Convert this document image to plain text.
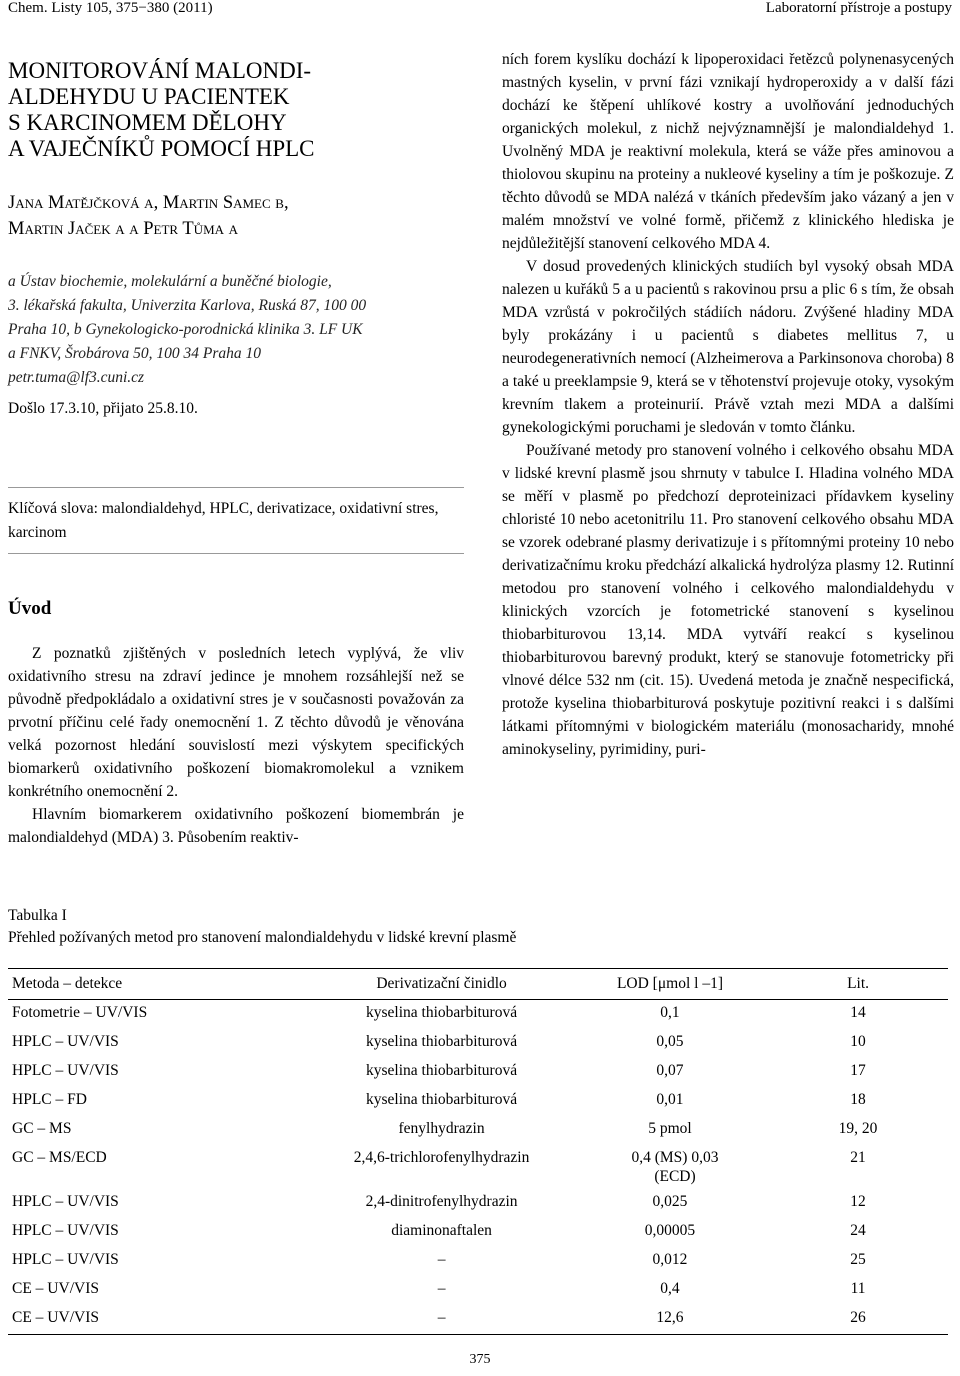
Chem. Listy 105, 375−380 (2011)	Laboratorní přístroje a postupy
MONITOROVÁNÍ MALONDI-
ALDEHYDU U PACIENTEK
S KARCINOMEM DĚLOHY
A VAJEČNÍKŮ POMOCÍ HPLC
Jana Matějčková a, Martin Samec b,
Martin Jaček a a Petr Tůma a
a Ústav biochemie, molekulární a buněčné biologie,
3. lékařská fakulta, Univerzita Karlova, Ruská 87, 100 00
Praha 10, b Gynekologicko-porodnická klinika 3. LF UK
a FNKV, Šrobárova 50, 100 34 Praha 10
petr.tuma@lf3.cuni.cz
Došlo 17.3.10, přijato 25.8.10.
Klíčová slova: malondialdehyd, HPLC, derivatizace, oxidativní stres, karcinom
Úvod

Z poznatků zjištěných v posledních letech vyplývá, že vliv oxidativního stresu na zdraví jedince je mnohem rozsáhlejší než se původně předpokládalo a oxidativní stres je v současnosti považován za prvotní příčinu celé řady onemocnění 1. Z těchto důvodů je věnována velká pozornost hledání souvislostí mezi výskytem specifických biomarkerů oxidativního poškození biomakromolekul a vznikem konkrétního onemocnění 2.

Hlavním biomarkerem oxidativního poškození biomembrán je malondialdehyd (MDA) 3. Působením reaktiv-

ních forem kyslíku dochází k lipoperoxidaci řetězců polynenasycených mastných kyselin, v první fázi vznikají hydroperoxidy a v další fázi dochází ke štěpení uhlíkové kostry a uvolňování jednoduchých organických molekul, z nichž nejvýznamnější je malondialdehyd 1. Uvolněný MDA je reaktivní molekula, která se váže přes aminovou a thiolovou skupinu na proteiny a nukleové kyseliny a tím je poškozuje. Z těchto důvodů se MDA nalézá v tkáních především jako vázaný a jen v malém množství ve volné formě, přičemž z klinického hlediska je nejdůležitější stanovení celkového MDA 4.

V dosud provedených klinických studiích byl vysoký obsah MDA nalezen u kuřáků 5 a u pacientů s rakovinou prsu a plic 6 s tím, že obsah MDA vzrůstá v pokročilých stádiích nádoru. Zvýšené hladiny MDA byly prokázány i u pacientů s diabetes mellitus 7, u neurodegenerativních nemocí (Alzheimerova a Parkinsonova choroba) 8 a také u preeklampsie 9, která se v těhotenství projevuje otoky, vysokým krevním tlakem a proteinurií. Právě vztah mezi MDA a dalšími gynekologickými poruchami je sledován v tomto článku.

Používané metody pro stanovení volného i celkového obsahu MDA v lidské krevní plasmě jsou shrnuty v tabulce I. Hladina volného MDA se měří v plasmě po předchozí deproteinizaci přídavkem kyseliny chloristé 10 nebo acetonitrilu 11. Pro stanovení celkového obsahu MDA se vzorek odebrané plasmy derivatizuje i s přítomnými proteiny 10 nebo derivatizačnímu kroku předchází alkalická hydrolýza plasmy 12. Rutinní metodou pro stanovení volného i celkového malondialdehydu v klinických vzorcích je fotometrické stanovení s kyselinou thiobarbiturovou 13,14. MDA vytváří reakcí s kyselinou thiobarbiturovou barevný produkt, který se stanovuje fotometricky při vlnové délce 532 nm (cit. 15). Uvedená metoda je značně nespecifická, protože kyselina thiobarbiturová poskytuje pozitivní reakci i s dalšími látkami přítomnými v biologickém materiálu (monosacharidy, mnohé aminokyseliny, pyrimidiny, puri-

Tabulka I
Přehled požívaných metod pro stanovení malondialdehydu v lidské krevní plasmě
Metoda – detekce	Derivatizační činidlo	LOD [μmol l –1]	Lit.
Fotometrie – UV/VIS	kyselina thiobarbiturová	0,1	14
HPLC – UV/VIS	kyselina thiobarbiturová	0,05	10
HPLC – UV/VIS	kyselina thiobarbiturová	0,07	17
HPLC – FD	kyselina thiobarbiturová	0,01	18
GC – MS	fenylhydrazin	5 pmol	19, 20
GC – MS/ECD	2,4,6-trichlorofenylhydrazin	0,4 (MS) 0,03 (ECD)	21
HPLC – UV/VIS	2,4-dinitrofenylhydrazin	0,025	12
HPLC – UV/VIS	diaminonaftalen	0,00005	24
HPLC – UV/VIS	–	0,012	25
CE – UV/VIS	–	0,4	11
CE – UV/VIS	–	12,6	26
375
